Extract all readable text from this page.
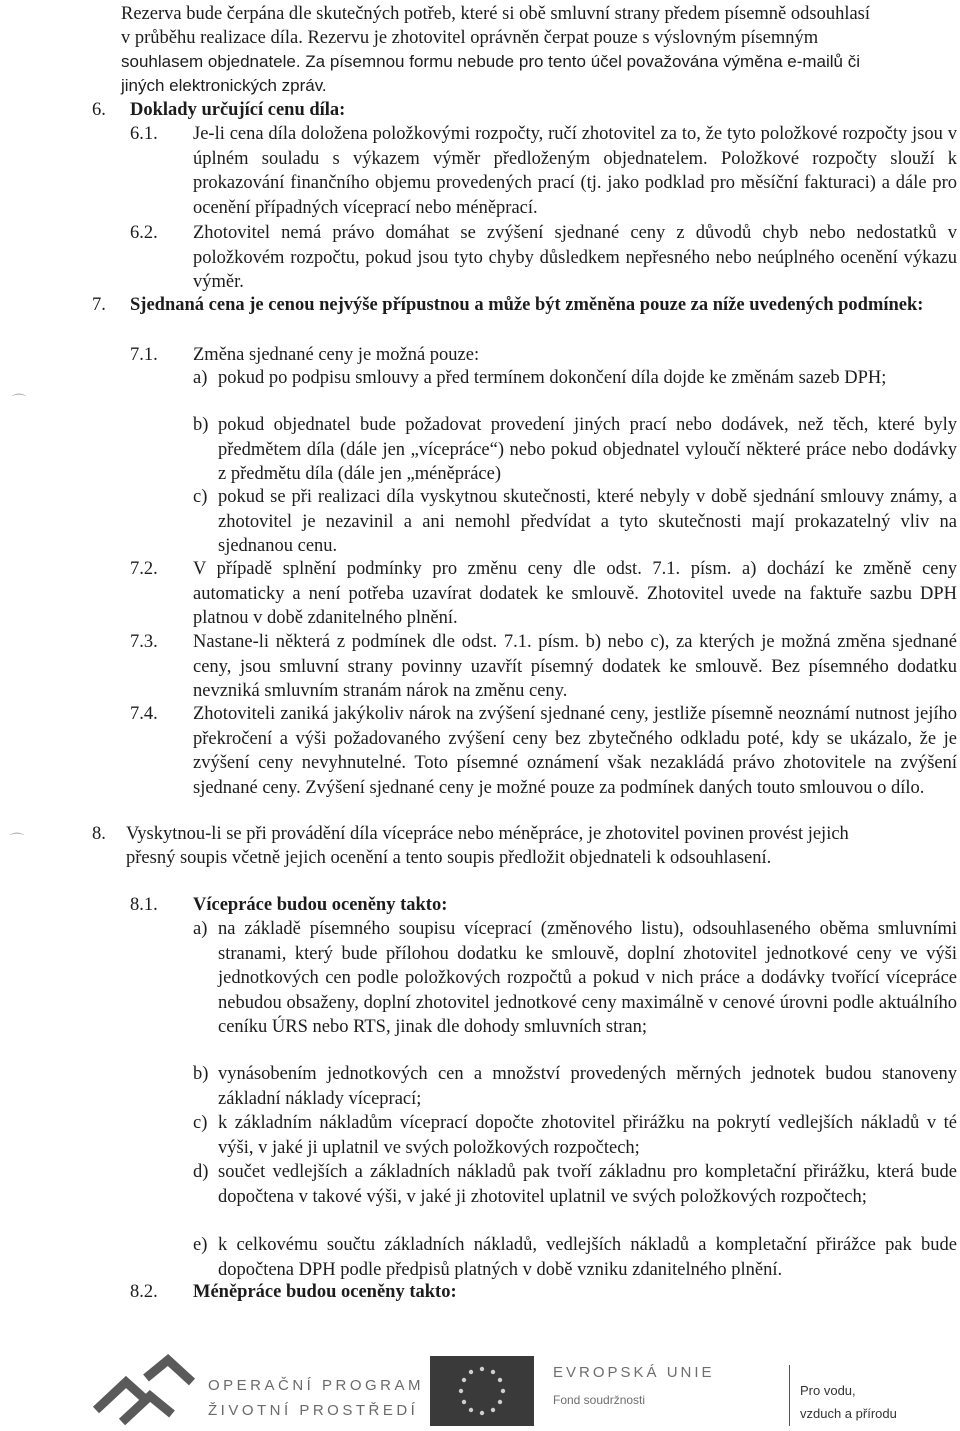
Rezerva bude čerpána dle skutečných potřeb, které si obě smluvní strany předem písemně odsouhlasí
v průběhu realizace díla. Rezervu je zhotovitel oprávněn čerpat pouze s výslovným písemným
souhlasem objednatele. Za písemnou formu nebude pro tento účel považována výměna e-mailů či
jiných elektronických zpráv.
6. Doklady určující cenu díla:
6.1. Je-li cena díla doložena položkovými rozpočty, ručí zhotovitel za to, že tyto položkové rozpočty jsou v úplném souladu s výkazem výměr předloženým objednatelem. Položkové rozpočty slouží k prokazování finančního objemu provedených prací (tj. jako podklad pro měsíční fakturaci) a dále pro ocenění případných víceprací nebo méněprací.

6.2. Zhotovitel nemá právo domáhat se zvýšení sjednané ceny z důvodů chyb nebo nedostatků v položkovém rozpočtu, pokud jsou tyto chyby důsledkem nepřesného nebo neúplného ocenění výkazu výměr.

7. Sjednaná cena je cenou nejvýše přípustnou a může být změněna pouze za níže uvedených podmínek:

7.1. Změna sjednané ceny je možná pouze:
a) pokud po podpisu smlouvy a před termínem dokončení díla dojde ke změnám sazeb DPH;

b) pokud objednatel bude požadovat provedení jiných prací nebo dodávek, než těch, které byly předmětem díla (dále jen „vícepráce“) nebo pokud objednatel vyloučí některé práce nebo dodávky z předmětu díla (dále jen „méněpráce)

c) pokud se při realizaci díla vyskytnou skutečnosti, které nebyly v době sjednání smlouvy známy, a zhotovitel je nezavinil a ani nemohl předvídat a tyto skutečnosti mají prokazatelný vliv na sjednanou cenu.

7.2. V případě splnění podmínky pro změnu ceny dle odst. 7.1. písm. a) dochází ke změně ceny automaticky a není potřeba uzavírat dodatek ke smlouvě. Zhotovitel uvede na faktuře sazbu DPH platnou v době zdanitelného plnění.

7.3. Nastane-li některá z podmínek dle odst. 7.1. písm. b) nebo c), za kterých je možná změna sjednané ceny, jsou smluvní strany povinny uzavřít písemný dodatek ke smlouvě. Bez písemného dodatku nevzniká smluvním stranám nárok na změnu ceny.

7.4. Zhotoviteli zaniká jakýkoliv nárok na zvýšení sjednané ceny, jestliže písemně neoznámí nutnost jejího překročení a výši požadovaného zvýšení ceny bez zbytečného odkladu poté, kdy se ukázalo, že je zvýšení ceny nevyhnutelné. Toto písemné oznámení však nezakládá právo zhotovitele na zvýšení sjednané ceny. Zvýšení sjednané ceny je možné pouze za podmínek daných touto smlouvou o dílo.

8. Vyskytnou-li se při provádění díla vícepráce nebo méněpráce, je zhotovitel povinen provést jejich
přesný soupis včetně jejich ocenění a tento soupis předložit objednateli k odsouhlasení.
8.1. Vícepráce budou oceněny takto:
a) na základě písemného soupisu víceprací (změnového listu), odsouhlaseného oběma smluvními stranami, který bude přílohou dodatku ke smlouvě, doplní zhotovitel jednotkové ceny ve výši jednotkových cen podle položkových rozpočtů a pokud v nich práce a dodávky tvořící vícepráce nebudou obsaženy, doplní zhotovitel jednotkové ceny maximálně v cenové úrovni podle aktuálního ceníku ÚRS nebo RTS, jinak dle dohody smluvních stran;

b) vynásobením jednotkových cen a množství provedených měrných jednotek budou stanoveny základní náklady víceprací;

c) k základním nákladům víceprací dopočte zhotovitel přirážku na pokrytí vedlejších nákladů v té výši, v jaké ji uplatnil ve svých položkových rozpočtech;

d) součet vedlejších a základních nákladů pak tvoří základnu pro kompletační přirážku, která bude dopočtena v takové výši, v jaké ji zhotovitel uplatnil ve svých položkových rozpočtech;

e) k celkovému součtu základních nákladů, vedlejších nákladů a kompletační přirážce pak bude dopočtena DPH podle předpisů platných v době vzniku zdanitelného plnění.

8.2. Méněpráce budou oceněny takto:
⌒
⌒
OPERAČNÍ PROGRAM
ŽIVOTNÍ PROSTŘEDÍ
EVROPSKÁ UNIE
Fond soudržnosti
Pro vodu,
vzduch a přírodu
